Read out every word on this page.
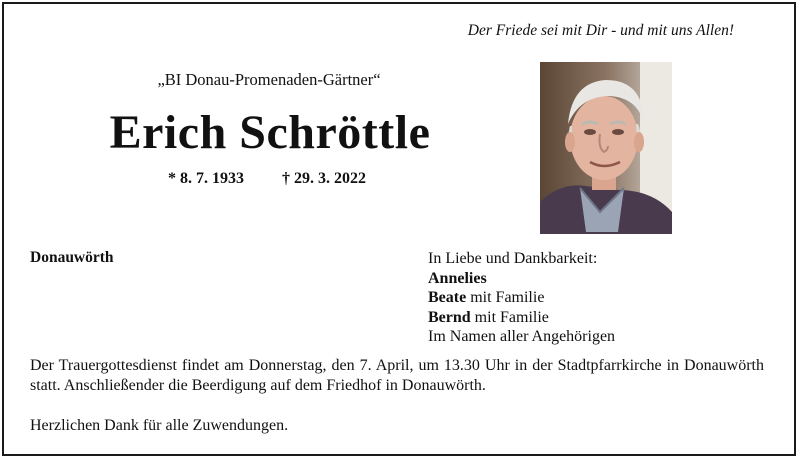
Der Friede sei mit Dir - und mit uns Allen!
„BI Donau-Promenaden-Gärtner“
Erich Schröttle
* 8. 7. 1933 † 29. 3. 2022
Donauwörth	In Liebe und Dankbarkeit:
Annelies
Beate mit Familie
Bernd mit Familie
Im Namen aller Angehörigen
Der Trauergottesdienst findet am Donnerstag, den 7. April, um 13.30 Uhr in der Stadtpfarrkirche in Donauwörth statt. Anschließender die Beerdigung auf dem Friedhof in Donauwörth.
Herzlichen Dank für alle Zuwendungen.
